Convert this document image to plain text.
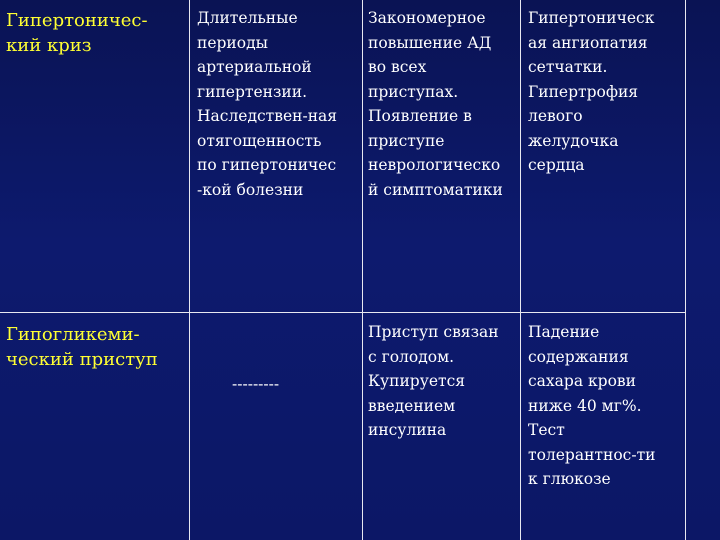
Гипертоничес-
кий криз
Длительные
периоды
артериальной
гипертензии.
Наследствен-ная
отягощенность
по гипертоничес
-кой болезни
Закономерное
повышение АД
во всех
приступах.
Появление в
приступе
неврологическо
й симптоматики
Гипертоническ
ая ангиопатия
сетчатки.
Гипертрофия
левого
желудочка
сердца
Гипогликеми-
ческий приступ
---------
Приступ связан
с голодом.
Купируется
введением
инсулина
Падение
содержания
сахара крови
ниже 40 мг%.
Тест
толерантнос-ти
к глюкозе
